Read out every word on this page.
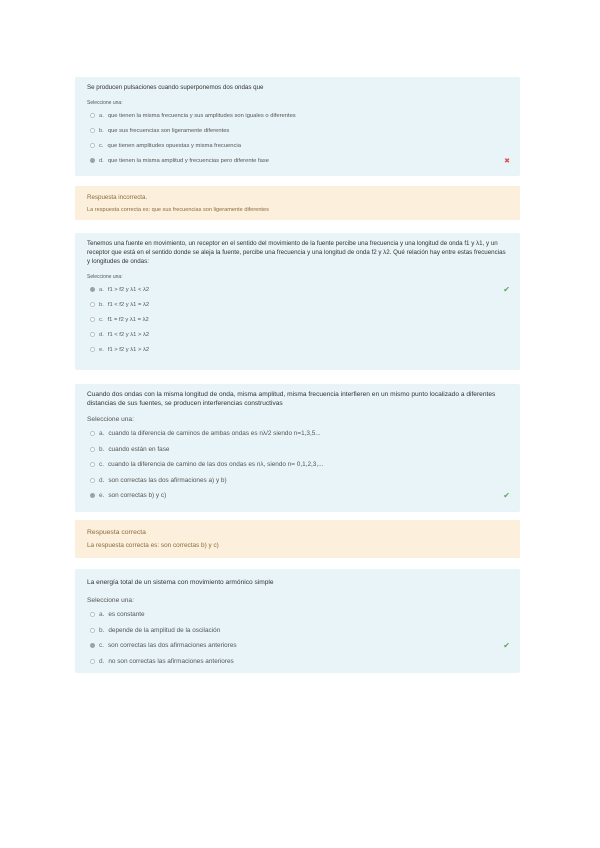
Se producen pulsaciones cuando superponemos dos ondas que

Seleccione una:

a. que tienen la misma frecuencia y sus amplitudes son iguales o diferentes
b. que sus frecuencias son ligeramente diferentes
c. que tienen amplitudes opuestas y misma frecuencia
d. que tienen la misma amplitud y frecuencias pero diferente fase	✖

Respuesta incorrecta.

La respuesta correcta es: que sus frecuencias son ligeramente diferentes

Tenemos una fuente en movimiento, un receptor en el sentido del movimiento de la fuente percibe una frecuencia y una longitud de onda f1 y λ1, y un receptor que está en el sentido donde se aleja la fuente, percibe una frecuencia y una longitud de onda f2 y λ2. Qué relación hay entre estas frecuencias y longitudes de ondas:

Seleccione una:

a. f1 > f2 y λ1 < λ2	✔
b. f1 < f2 y λ1 = λ2
c. f1 = f2 y λ1 = λ2
d. f1 < f2 y λ1 > λ2
e. f1 > f2 y λ1 > λ2

Cuando dos ondas con la misma longitud de onda, misma amplitud, misma frecuencia interfieren en un mismo punto localizado a diferentes distancias de sus fuentes, se producen interferencias constructivas

Seleccione una:

a. cuando la diferencia de caminos de ambas ondas es nλ/2 siendo n=1,3,5...
b. cuando están en fase
c. cuando la diferencia de camino de las dos ondas es nλ, siendo n= 0,1,2,3,...
d. son correctas las dos afirmaciones a) y b)
e. son correctas b) y c)	✔

Respuesta correcta

La respuesta correcta es: son correctas b) y c)

La energía total de un sistema con movimiento armónico simple

Seleccione una:

a. es constante
b. depende de la amplitud de la oscilación
c. son correctas las dos afirmaciones anteriores	✔
d. no son correctas las afirmaciones anteriores
